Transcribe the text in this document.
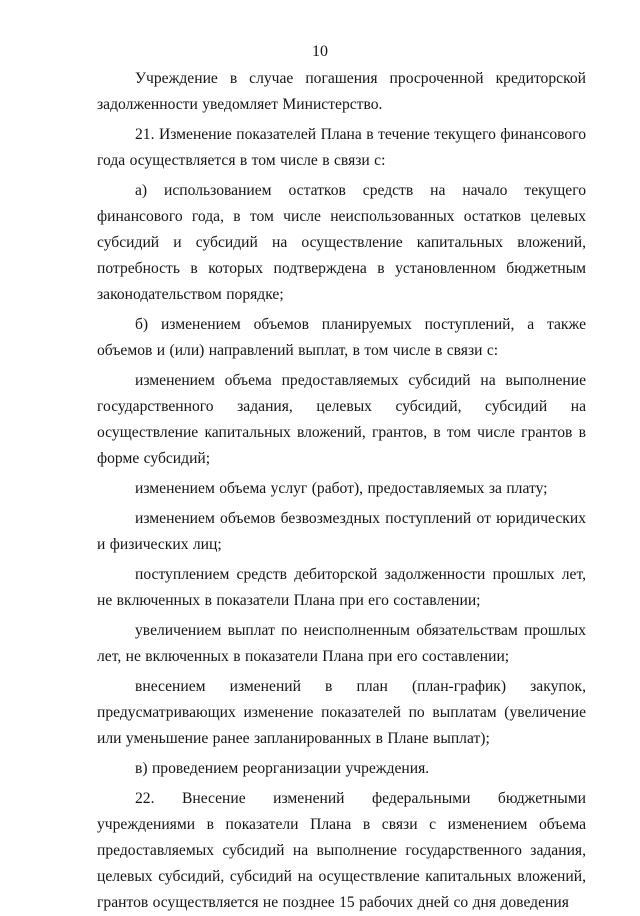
10

Учреждение в случае погашения просроченной кредиторской задолженности уведомляет Министерство.

21. Изменение показателей Плана в течение текущего финансового года осуществляется в том числе в связи с:

а) использованием остатков средств на начало текущего финансового года, в том числе неиспользованных остатков целевых субсидий и субсидий на осуществление капитальных вложений, потребность в которых подтверждена в установленном бюджетным законодательством порядке;

б) изменением объемов планируемых поступлений, а также объемов и (или) направлений выплат, в том числе в связи с:

изменением объема предоставляемых субсидий на выполнение государственного задания, целевых субсидий, субсидий на осуществление капитальных вложений, грантов, в том числе грантов в форме субсидий;

изменением объема услуг (работ), предоставляемых за плату;

изменением объемов безвозмездных поступлений от юридических и физических лиц;

поступлением средств дебиторской задолженности прошлых лет, не включенных в показатели Плана при его составлении;

увеличением выплат по неисполненным обязательствам прошлых лет, не включенных в показатели Плана при его составлении;

внесением изменений в план (план-график) закупок, предусматривающих изменение показателей по выплатам (увеличение или уменьшение ранее запланированных в Плане выплат);

в) проведением реорганизации учреждения.

22. Внесение изменений федеральными бюджетными учреждениями в показатели Плана в связи с изменением объема предоставляемых субсидий на выполнение государственного задания, целевых субсидий, субсидий на осуществление капитальных вложений, грантов осуществляется не позднее 15 рабочих дней со дня доведения
